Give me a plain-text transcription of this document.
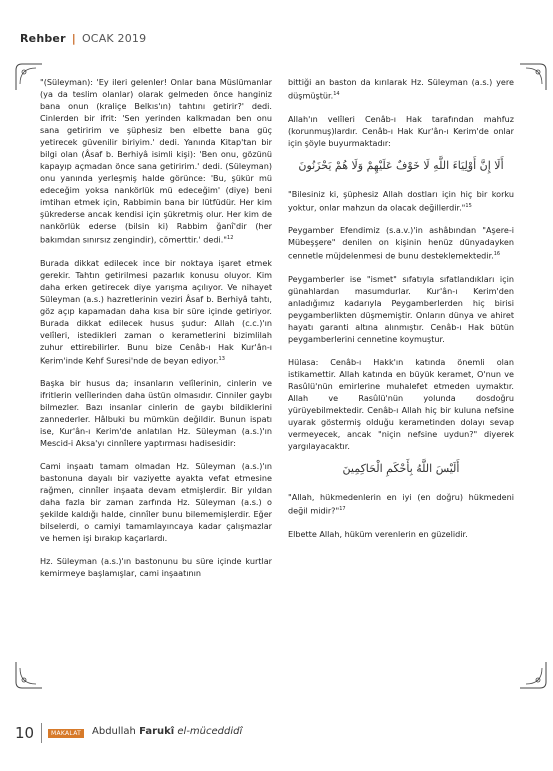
Rehber | OCAK 2019

"(Süleyman): 'Ey ileri gelenler! Onlar bana Müslümanlar (ya da teslim olanlar) olarak gelmeden önce hanginiz bana onun (kraliçe Belkıs'ın) tahtını getirir?' dedi. Cinlerden bir ifrit: 'Sen yerinden kalkmadan ben onu sana getiririm ve şüphesiz ben elbette bana güç yetirecek güvenilir biriyim.' dedi. Yanında Kitap'tan bir bilgi olan (Âsaf b. Berhiyâ isimli kişi): 'Ben onu, gözünü kapayıp açmadan önce sana getiririm.' dedi. (Süleyman) onu yanında yerleşmiş halde görünce: 'Bu, şükür mü edeceğim yoksa nankörlük mü edeceğim' (diye) beni imtihan etmek için, Rabbimin bana bir lütfüdür. Her kim şükrederse ancak kendisi için şükretmiş olur. Her kim de nankörlük ederse (bilsin ki) Rabbim ğanî'dir (her bakımdan sınırsız zengindir), cömerttir.' dedi."$^{12}$

Burada dikkat edilecek ince bir noktaya işaret etmek gerekir. Tahtın getirilmesi pazarlık konusu oluyor. Kim daha erken getirecek diye yarışma açılıyor. Ve nihayet Süleyman (a.s.) hazretlerinin veziri Âsaf b. Berhiyâ tahtı, göz açıp kapamadan daha kısa bir süre içinde getiriyor. Burada dikkat edilecek husus şudur: Allah (c.c.)'ın velîleri, istedikleri zaman o kerametlerini bizimlilah zuhur ettirebilirler. Bunu bize Cenâb-ı Hak Kur'ân-ı Kerim'inde Kehf Suresi'nde de beyan ediyor.$^{13}$

Başka bir husus da; insanların velîlerinin, cinlerin ve ifritlerin velîlerinden daha üstün olmasıdır. Cinniler gaybı bilmezler. Bazı insanlar cinlerin de gaybı bildiklerini zannederler. Hâlbuki bu mümkün değildir. Bunun ispatı ise, Kur'ân-ı Kerim'de anlatılan Hz. Süleyman (a.s.)'ın Mescid-i Aksa'yı cinnîlere yaptırması hadisesidir:

Cami inşaatı tamam olmadan Hz. Süleyman (a.s.)'ın bastonuna dayalı bir vaziyette ayakta vefat etmesine rağmen, cinnîler inşaata devam etmişlerdir. Bir yıldan daha fazla bir zaman zarfında Hz. Süleyman (a.s.) o şekilde kaldığı halde, cinnîler bunu bilememişlerdir. Eğer bilselerdi, o camiyi tamamlayıncaya kadar çalışmazlar ve hemen işi bırakıp kaçarlardı.

Hz. Süleyman (a.s.)'ın bastonunu bu süre içinde kurtlar kemirmeye başlamışlar, cami inşaatının

bittiği an baston da kırılarak Hz. Süleyman (a.s.) yere düşmüştür.$^{14}$

Allah'ın velîleri Cenâb-ı Hak tarafından mahfuz (korunmuş)lardır. Cenâb-ı Hak Kur'ân-ı Kerim'de onlar için şöyle buyurmaktadır:

أَلَا إِنَّ أَوْلِيَاءَ اللَّهِ لَا خَوْفٌ عَلَيْهِمْ وَلَا هُمْ يَحْزَنُونَ

"Bilesiniz ki, şüphesiz Allah dostları için hiç bir korku yoktur, onlar mahzun da olacak değillerdir."$^{15}$

Peygamber Efendimiz (s.a.v.)'in ashâbından "Aşere-i Mübeşşere" denilen on kişinin henüz dünyadayken cennetle müjdelenmesi de bunu desteklemektedir.$^{16}$

Peygamberler ise "ismet" sıfatıyla sıfatlandıkları için günahlardan masumdurlar. Kur'ân-ı Kerim'den anladığımız kadarıyla Peygamberlerden hiç birisi peygamberlikten düşmemiştir. Onların dünya ve ahiret hayatı garanti altına alınmıştır. Cenâb-ı Hak bütün peygamberlerini cennetine koymuştur.

Hülasa: Cenâb-ı Hakk'ın katında önemli olan istikamettir. Allah katında en büyük keramet, O'nun ve Rasûlü'nün emirlerine muhalefet etmeden uymaktır. Allah ve Rasûlü'nün yolunda dosdoğru yürüyebilmektedir. Cenâb-ı Allah hiç bir kuluna nefsine uyarak göstermiş olduğu kerametinden dolayı sevap vermeyecek, ancak "niçin nefsine uydun?" diyerek yargılayacaktır.

أَلَيْسَ اللَّهُ بِأَحْكَمِ الْحَاكِمِينَ

"Allah, hükmedenlerin en iyi (en doğru) hükmedeni değil midir?"$^{17}$

Elbette Allah, hüküm verenlerin en güzelidir.

10	MAKALAT	Abdullah Farukî el-müceddidî
